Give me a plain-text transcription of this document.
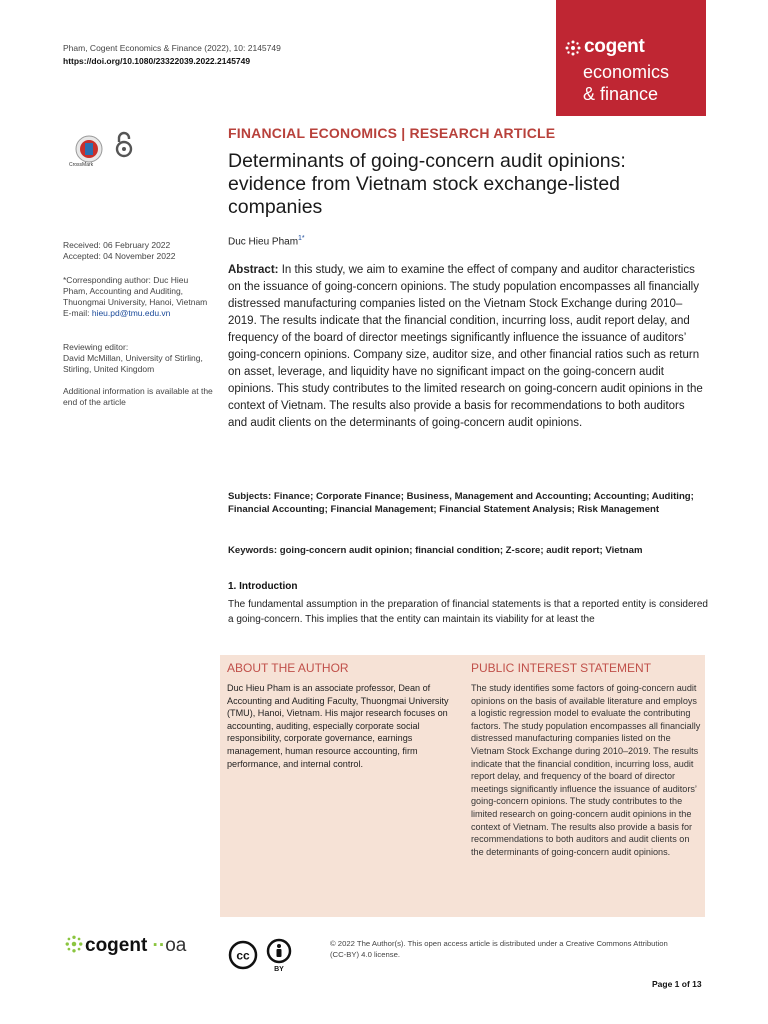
Pham, Cogent Economics & Finance (2022), 10: 2145749
https://doi.org/10.1080/23322039.2022.2145749
cogent
economics
& finance
CrossMark
Received: 06 February 2022
Accepted: 04 November 2022
*Corresponding author: Duc Hieu Pham, Accounting and Auditing, Thuongmai University, Hanoi, Vietnam
E-mail: hieu.pd@tmu.edu.vn
Reviewing editor:
David McMillan, University of Stirling, Stirling, United Kingdom
Additional information is available at the end of the article
FINANCIAL ECONOMICS | RESEARCH ARTICLE
Determinants of going-concern audit opinions: evidence from Vietnam stock exchange-listed companies
Duc Hieu Pham$^{1*}$
Abstract: In this study, we aim to examine the effect of company and auditor characteristics on the issuance of going-concern opinions. The study population encompasses all financially distressed manufacturing companies listed on the Vietnam Stock Exchange during 2010–2019. The results indicate that the financial condition, incurring loss, audit report delay, and frequency of the board of director meetings significantly influence the issuance of auditors’ going-concern opinions. Company size, auditor size, and other financial ratios such as return on asset, leverage, and liquidity have no significant impact on the going-concern audit opinions. This study contributes to the limited research on going-concern audit opinions in the context of Vietnam. The results also provide a basis for recommendations to both auditors and audit clients on the determinants of going-concern audit opinions.
Subjects: Finance; Corporate Finance; Business, Management and Accounting; Accounting; Auditing; Financial Accounting; Financial Management; Financial Statement Analysis; Risk Management
Keywords: going-concern audit opinion; financial condition; Z-score; audit report; Vietnam
1. Introduction
The fundamental assumption in the preparation of financial statements is that a reported entity is considered a going-concern. This implies that the entity can maintain its viability for at least the
ABOUT THE AUTHOR
Duc Hieu Pham is an associate professor, Dean of Accounting and Auditing Faculty, Thuongmai University (TMU), Hanoi, Vietnam. His major research focuses on accounting, auditing, especially corporate social responsibility, corporate governance, earnings management, human resource accounting, firm performance, and internal control.
PUBLIC INTEREST STATEMENT
The study identifies some factors of going-concern audit opinions on the basis of available literature and employs a logistic regression model to evaluate the contributing factors. The study population encompasses all financially distressed manufacturing companies listed on the Vietnam Stock Exchange during 2010–2019. The results indicate that the financial condition, incurring loss, audit report delay, and frequency of the board of director meetings significantly influence the issuance of auditors’ going-concern opinions. The study contributes to the limited research on going-concern audit opinions in the context of Vietnam. The results also provide a basis for recommendations to both auditors and audit clients on the determinants of going-concern audit opinions.
cogent ··oa	cc
BY
© 2022 The Author(s). This open access article is distributed under a Creative Commons Attribution (CC-BY) 4.0 license.
Page 1 of 13
